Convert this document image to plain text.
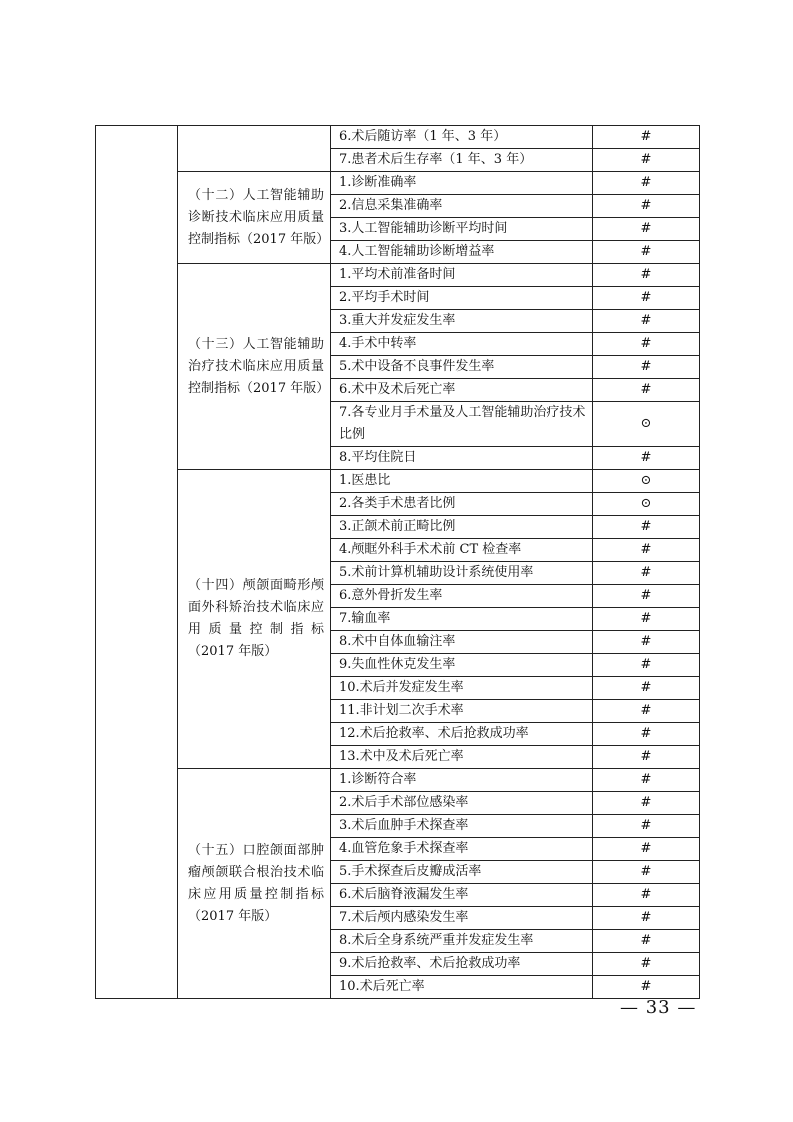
		6.术后随访率（1 年、3 年）	#
		7.患者术后生存率（1 年、3 年）	#
	（十二）人工智能辅助诊断技术临床应用质量控制指标（2017 年版）	1.诊断准确率	#
		2.信息采集准确率	#
		3.人工智能辅助诊断平均时间	#
		4.人工智能辅助诊断增益率	#
	（十三）人工智能辅助治疗技术临床应用质量控制指标（2017 年版）	1.平均术前准备时间	#
		2.平均手术时间	#
		3.重大并发症发生率	#
		4.手术中转率	#
		5.术中设备不良事件发生率	#
		6.术中及术后死亡率	#
		7.各专业月手术量及人工智能辅助治疗技术比例	⊙
		8.平均住院日	#
	（十四）颅颌面畸形颅面外科矫治技术临床应用质量控制指标（2017 年版）	1.医患比	⊙
		2.各类手术患者比例	⊙
		3.正颌术前正畸比例	#
		4.颅眶外科手术术前 CT 检查率	#
		5.术前计算机辅助设计系统使用率	#
		6.意外骨折发生率	#
		7.输血率	#
		8.术中自体血输注率	#
		9.失血性休克发生率	#
		10.术后并发症发生率	#
		11.非计划二次手术率	#
		12.术后抢救率、术后抢救成功率	#
		13.术中及术后死亡率	#
	（十五）口腔颌面部肿瘤颅颌联合根治技术临床应用质量控制指标（2017 年版）	1.诊断符合率	#
		2.术后手术部位感染率	#
		3.术后血肿手术探查率	#
		4.血管危象手术探查率	#
		5.手术探查后皮瓣成活率	#
		6.术后脑脊液漏发生率	#
		7.术后颅内感染发生率	#
		8.术后全身系统严重并发症发生率	#
		9.术后抢救率、术后抢救成功率	#
		10.术后死亡率	#
— 33 —
